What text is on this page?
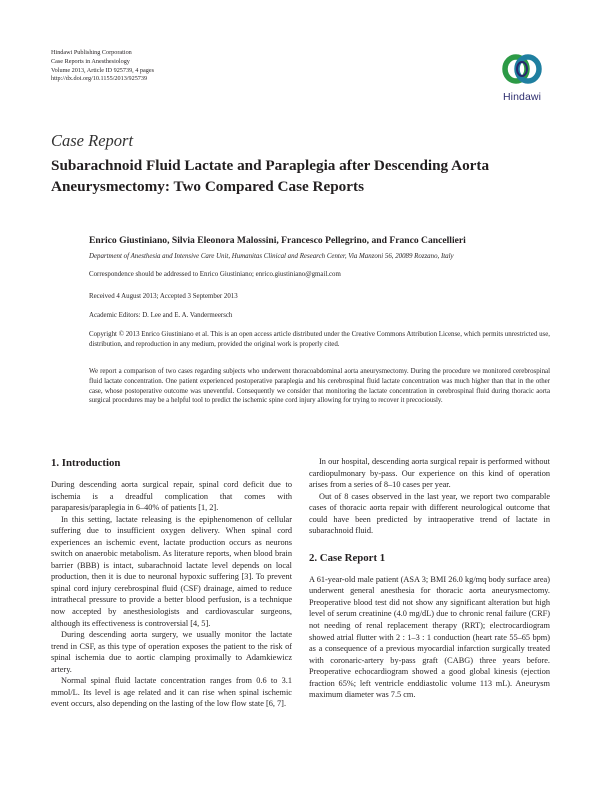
Hindawi Publishing Corporation
Case Reports in Anesthesiology
Volume 2013, Article ID 925739, 4 pages
http://dx.doi.org/10.1155/2013/925739
Hindawi
Case Report
Subarachnoid Fluid Lactate and Paraplegia after Descending Aorta Aneurysmectomy: Two Compared Case Reports
Enrico Giustiniano, Silvia Eleonora Malossini, Francesco Pellegrino, and Franco Cancellieri
Department of Anesthesia and Intensive Care Unit, Humanitas Clinical and Research Center, Via Manzoni 56, 20089 Rozzano, Italy
Correspondence should be addressed to Enrico Giustiniano; enrico.giustiniano@gmail.com
Received 4 August 2013; Accepted 3 September 2013
Academic Editors: D. Lee and E. A. Vandermeersch
Copyright © 2013 Enrico Giustiniano et al. This is an open access article distributed under the Creative Commons Attribution License, which permits unrestricted use, distribution, and reproduction in any medium, provided the original work is properly cited.
We report a comparison of two cases regarding subjects who underwent thoracoabdominal aorta aneurysmectomy. During the procedure we monitored cerebrospinal fluid lactate concentration. One patient experienced postoperative paraplegia and his cerebrospinal fluid lactate concentration was much higher than that in the other case, whose postoperative outcome was uneventful. Consequently we consider that monitoring the lactate concentration in cerebrospinal fluid during thoracic aorta surgical procedures may be a helpful tool to predict the ischemic spine cord injury allowing for trying to recover it precociously.
1. Introduction

During descending aorta surgical repair, spinal cord deficit due to ischemia is a dreadful complication that comes with paraparesis/paraplegia in 6–40% of patients [1, 2].

In this setting, lactate releasing is the epiphenomenon of cellular suffering due to insufficient oxygen delivery. When spinal cord experiences an ischemic event, lactate production occurs as neurons switch on anaerobic metabolism. As literature reports, when blood brain barrier (BBB) is intact, subarachnoid lactate level depends on local production, then it is due to neuronal hypoxic suffering [3]. To prevent spinal cord injury cerebrospinal fluid (CSF) drainage, aimed to reduce intrathecal pressure to provide a better blood perfusion, is a technique now accepted by anesthesiologists and cardiovascular surgeons, although its effectiveness is controversial [4, 5].

During descending aorta surgery, we usually monitor the lactate trend in CSF, as this type of operation exposes the patient to the risk of spinal ischemia due to aortic clamping proximally to Adamkiewicz artery.

Normal spinal fluid lactate concentration ranges from 0.6 to 3.1 mmol/L. Its level is age related and it can rise when spinal ischemic event occurs, also depending on the lasting of the low flow state [6, 7].

In our hospital, descending aorta surgical repair is performed without cardiopulmonary by-pass. Our experience on this kind of operation arises from a series of 8–10 cases per year.

Out of 8 cases observed in the last year, we report two comparable cases of thoracic aorta repair with different neurological outcome that could have been predicted by intraoperative trend of lactate in subarachnoid fluid.

2. Case Report 1

A 61-year-old male patient (ASA 3; BMI 26.0 kg/mq body surface area) underwent general anesthesia for thoracic aorta aneurysmectomy. Preoperative blood test did not show any significant alteration but high level of serum creatinine (4.0 mg/dL) due to chronic renal failure (CRF) not needing of renal replacement therapy (RRT); electrocardiogram showed atrial flutter with 2 : 1–3 : 1 conduction (heart rate 55–65 bpm) as a consequence of a previous myocardial infarction surgically treated with coronaric-artery by-pass graft (CABG) three years before. Preoperative echocardiogram showed a good global kinesis (ejection fraction 65%; left ventricle enddiastolic volume 113 mL). Aneurysm maximum diameter was 7.5 cm.
